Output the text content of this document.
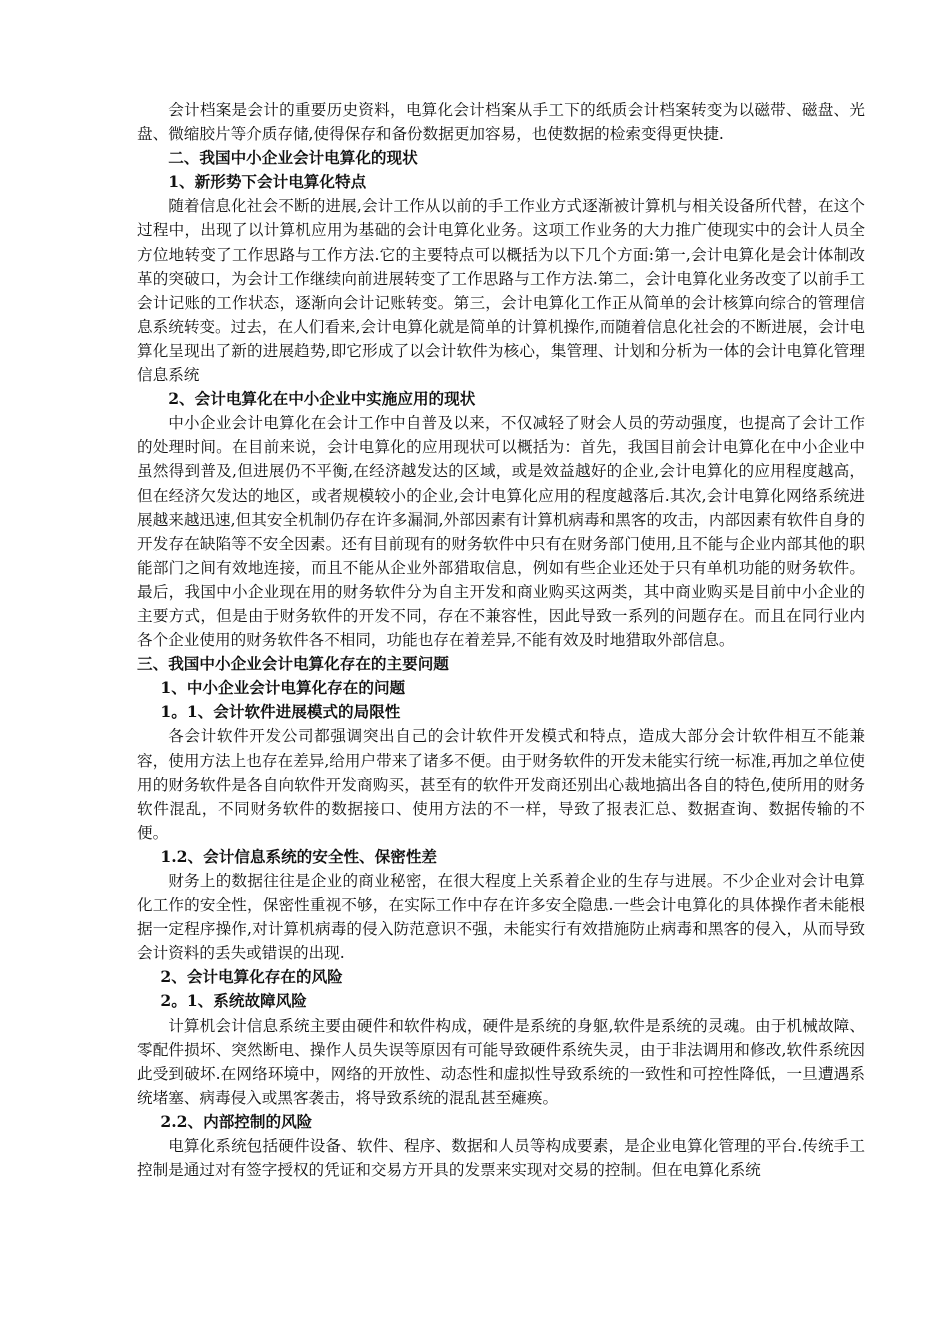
会计档案是会计的重要历史资料，电算化会计档案从手工下的纸质会计档案转变为以磁带、磁盘、光盘、微缩胶片等介质存储,使得保存和备份数据更加容易，也使数据的检索变得更快捷.

二、我国中小企业会计电算化的现状

1、新形势下会计电算化特点

随着信息化社会不断的进展,会计工作从以前的手工作业方式逐渐被计算机与相关设备所代替，在这个过程中，出现了以计算机应用为基础的会计电算化业务。这项工作业务的大力推广使现实中的会计人员全方位地转变了工作思路与工作方法.它的主要特点可以概括为以下几个方面:第一,会计电算化是会计体制改革的突破口，为会计工作继续向前进展转变了工作思路与工作方法.第二，会计电算化业务改变了以前手工会计记账的工作状态，逐渐向会计记账转变。第三，会计电算化工作正从简单的会计核算向综合的管理信息系统转变。过去，在人们看来,会计电算化就是简单的计算机操作,而随着信息化社会的不断进展，会计电算化呈现出了新的进展趋势,即它形成了以会计软件为核心，集管理、计划和分析为一体的会计电算化管理信息系统

2、会计电算化在中小企业中实施应用的现状

中小企业会计电算化在会计工作中自普及以来，不仅减轻了财会人员的劳动强度，也提高了会计工作的处理时间。在目前来说，会计电算化的应用现状可以概括为：首先，我国目前会计电算化在中小企业中虽然得到普及,但进展仍不平衡,在经济越发达的区域，或是效益越好的企业,会计电算化的应用程度越高，但在经济欠发达的地区，或者规模较小的企业,会计电算化应用的程度越落后.其次,会计电算化网络系统进展越来越迅速,但其安全机制仍存在许多漏洞,外部因素有计算机病毒和黑客的攻击，内部因素有软件自身的开发存在缺陷等不安全因素。还有目前现有的财务软件中只有在财务部门使用,且不能与企业内部其他的职能部门之间有效地连接，而且不能从企业外部猎取信息，例如有些企业还处于只有单机功能的财务软件。最后，我国中小企业现在用的财务软件分为自主开发和商业购买这两类，其中商业购买是目前中小企业的主要方式，但是由于财务软件的开发不同，存在不兼容性，因此导致一系列的问题存在。而且在同行业内各个企业使用的财务软件各不相同，功能也存在着差异,不能有效及时地猎取外部信息。

三、我国中小企业会计电算化存在的主要问题

1、中小企业会计电算化存在的问题

1。1、会计软件进展模式的局限性

各会计软件开发公司都强调突出自己的会计软件开发模式和特点，造成大部分会计软件相互不能兼容，使用方法上也存在差异,给用户带来了诸多不便。由于财务软件的开发未能实行统一标准,再加之单位使用的财务软件是各自向软件开发商购买，甚至有的软件开发商还别出心裁地搞出各自的特色,使所用的财务软件混乱，不同财务软件的数据接口、使用方法的不一样，导致了报表汇总、数据查询、数据传输的不便。

1.2、会计信息系统的安全性、保密性差

财务上的数据往往是企业的商业秘密，在很大程度上关系着企业的生存与进展。不少企业对会计电算化工作的安全性，保密性重视不够，在实际工作中存在许多安全隐患.一些会计电算化的具体操作者未能根据一定程序操作,对计算机病毒的侵入防范意识不强，未能实行有效措施防止病毒和黑客的侵入，从而导致会计资料的丢失或错误的出现.

2、会计电算化存在的风险

2。1、系统故障风险

计算机会计信息系统主要由硬件和软件构成，硬件是系统的身躯,软件是系统的灵魂。由于机械故障、零配件损坏、突然断电、操作人员失误等原因有可能导致硬件系统失灵，由于非法调用和修改,软件系统因此受到破坏.在网络环境中，网络的开放性、动态性和虚拟性导致系统的一致性和可控性降低，一旦遭遇系统堵塞、病毒侵入或黑客袭击，将导致系统的混乱甚至瘫痪。

2.2、内部控制的风险

电算化系统包括硬件设备、软件、程序、数据和人员等构成要素，是企业电算化管理的平台.传统手工控制是通过对有签字授权的凭证和交易方开具的发票来实现对交易的控制。但在电算化系统
